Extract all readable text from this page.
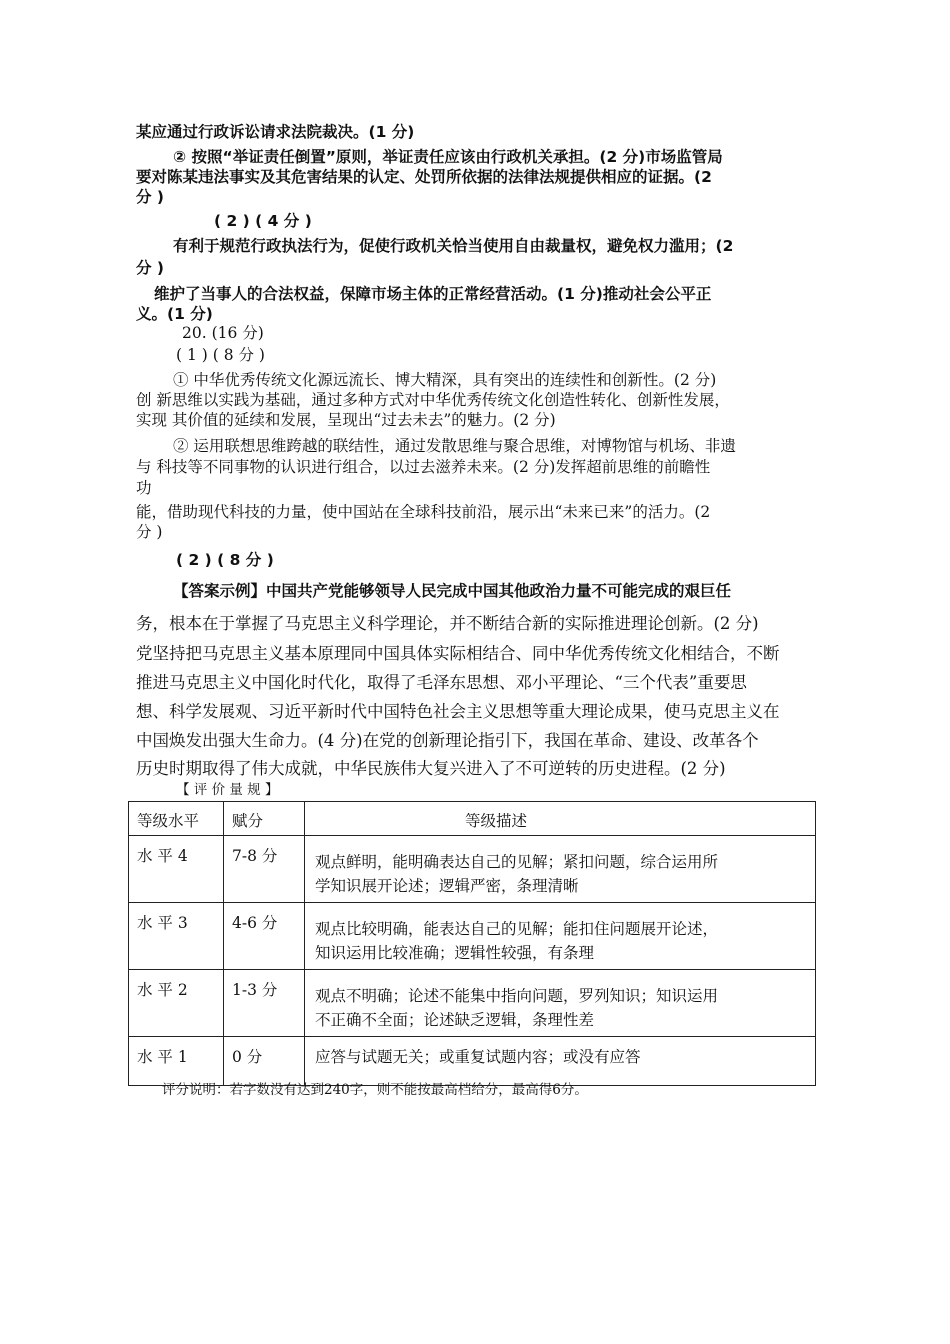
某应通过行政诉讼请求法院裁决。(1 分)
② 按照“举证责任倒置”原则，举证责任应该由行政机关承担。(2 分)市场监管局
要对陈某违法事实及其危害结果的认定、处罚所依据的法律法规提供相应的证据。(2
分 )
( 2 ) ( 4 分 )
有利于规范行政执法行为，促使行政机关恰当使用自由裁量权，避免权力滥用；(2
分 )
维护了当事人的合法权益，保障市场主体的正常经营活动。(1 分)推动社会公平正
义。(1 分)
20. (16 分)
( 1 ) ( 8 分 )
① 中华优秀传统文化源远流长、博大精深，具有突出的连续性和创新性。(2 分)
创 新思维以实践为基础，通过多种方式对中华优秀传统文化创造性转化、创新性发展，
实现 其价值的延续和发展，呈现出“过去未去”的魅力。(2 分)
② 运用联想思维跨越的联结性，通过发散思维与聚合思维，对博物馆与机场、非遗
与 科技等不同事物的认识进行组合，以过去滋养未来。(2 分)发挥超前思维的前瞻性
功
能，借助现代科技的力量，使中国站在全球科技前沿，展示出“未来已来”的活力。(2
分 )
( 2 ) ( 8 分 )
【答案示例】中国共产党能够领导人民完成中国其他政治力量不可能完成的艰巨任
务，根本在于掌握了马克思主义科学理论，并不断结合新的实际推进理论创新。(2 分)
党坚持把马克思主义基本原理同中国具体实际相结合、同中华优秀传统文化相结合，不断
推进马克思主义中国化时代化，取得了毛泽东思想、邓小平理论、“三个代表”重要思
想、科学发展观、习近平新时代中国特色社会主义思想等重大理论成果，使马克思主义在
中国焕发出强大生命力。(4 分)在党的创新理论指引下，我国在革命、建设、改革各个
历史时期取得了伟大成就，中华民族伟大复兴进入了不可逆转的历史进程。(2 分)
【 评 价 量 规 】
等级水平	赋分	等级描述
水 平 4	7-8 分	观点鲜明，能明确表达自己的见解；紧扣问题，综合运用所
学知识展开论述；逻辑严密，条理清晰

水 平 3	4-6 分	观点比较明确，能表达自己的见解；能扣住问题展开论述，
知识运用比较准确；逻辑性较强，有条理

水 平 2	1-3 分	观点不明确；论述不能集中指向问题，罗列知识；知识运用
不正确不全面；论述缺乏逻辑，条理性差

水 平 1	0 分	应答与试题无关；或重复试题内容；或没有应答
评分说明：若字数没有达到240字，则不能按最高档给分，最高得6分。
